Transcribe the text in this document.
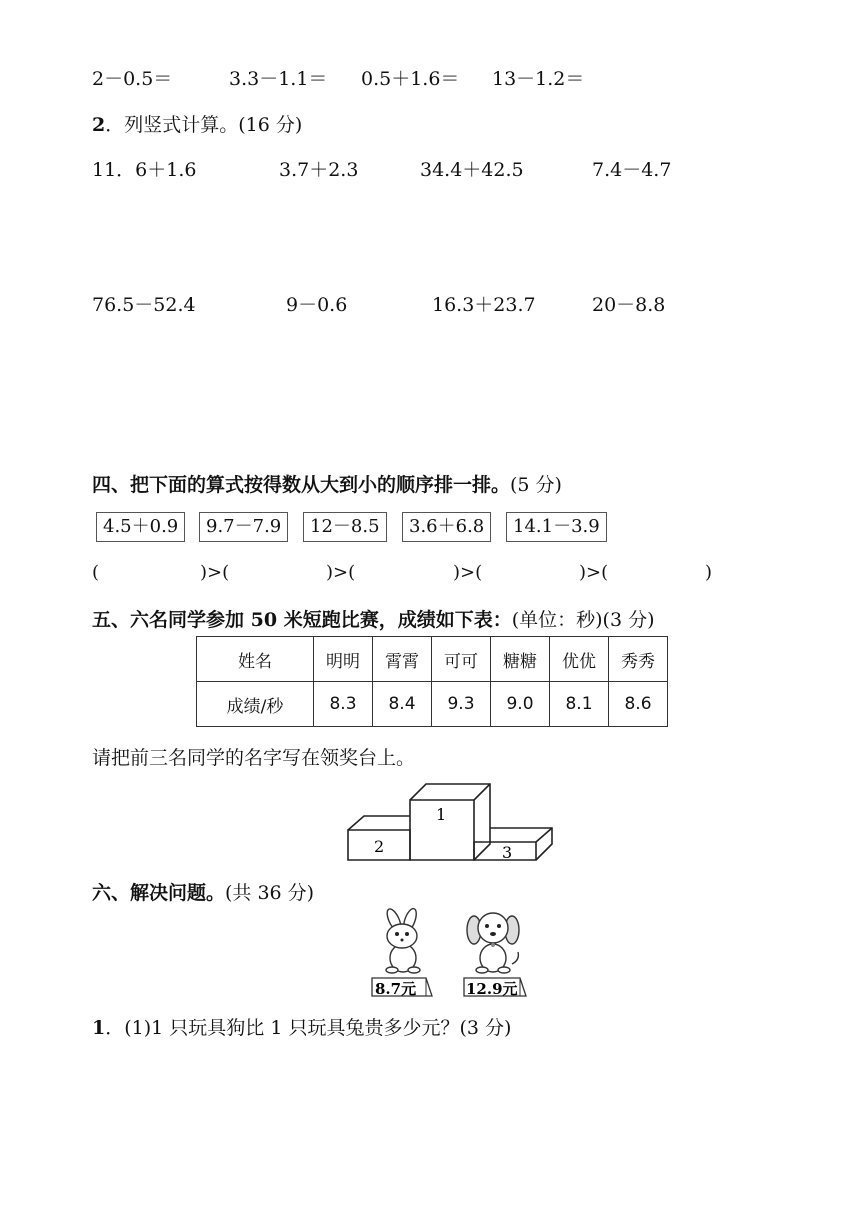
2－0.5＝	3.3－1.1＝ 0.5＋1.6＝ 13－1.2＝
2．列竖式计算。(16 分)
11．6＋1.6	3.7＋2.3	34.4＋42.5	7.4－4.7
76.5－52.4	9－0.6	16.3＋23.7	20－8.8
四、把下面的算式按得数从大到小的顺序排一排。(5 分)
4.5＋0.9	9.7－7.9	12－8.5	3.6＋6.8	14.1－3.9
(	)>(	)>(	)>(	)>(	)
五、六名同学参加 50 米短跑比赛，成绩如下表：(单位：秒)(3 分)
姓名	明明	霄霄	可可	糖糖	优优	秀秀
成绩/秒	8.3	8.4	9.3	9.0	8.1	8.6
请把前三名同学的名字写在领奖台上。
1
2	3
六、解决问题。(共 36 分)
8.7元	12.9元
1．(1)1 只玩具狗比 1 只玩具兔贵多少元？(3 分)
